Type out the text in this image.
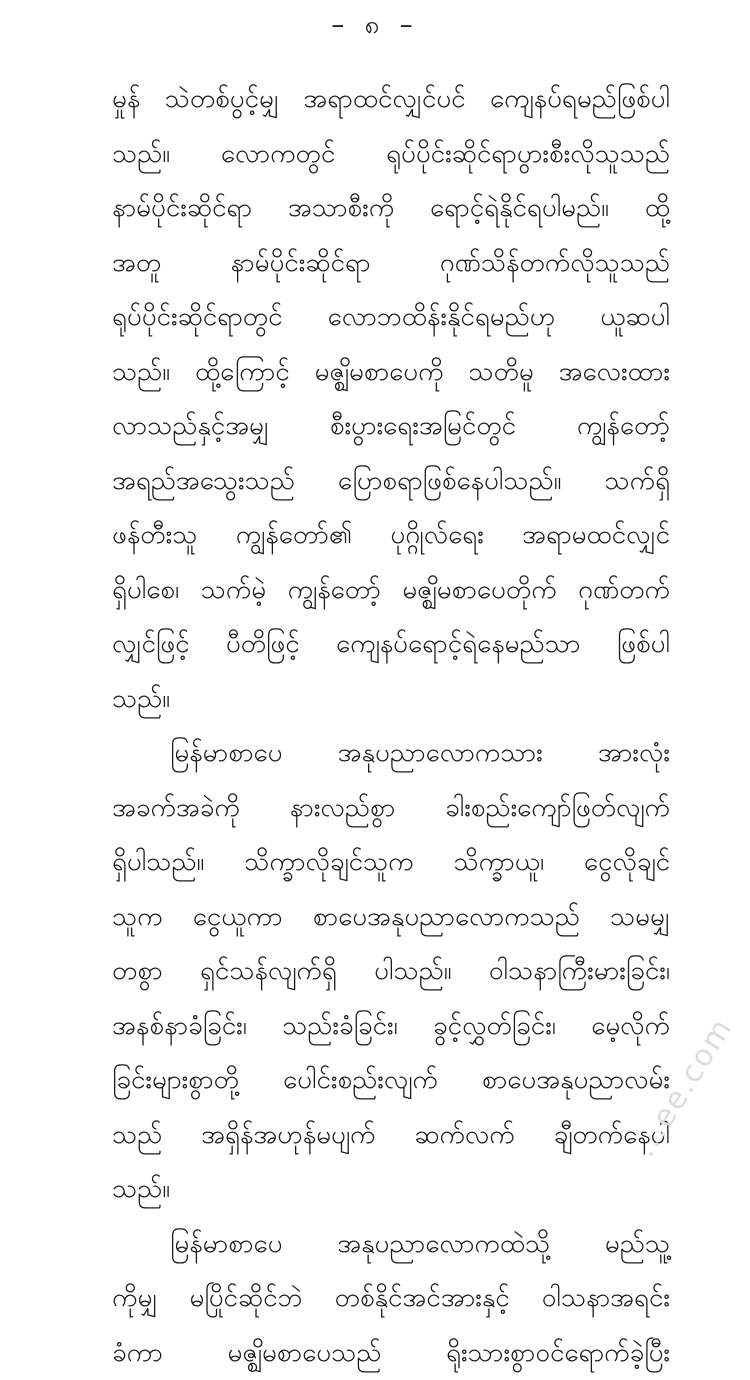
– ၈ –
မှုန် သဲတစ်ပွင့်မျှ အရာထင်လျှင်ပင် ကျေနပ်ရမည်ဖြစ်ပါ
သည်။ လောကတွင် ရုပ်ပိုင်းဆိုင်ရာပွားစီးလိုသူသည်
နာမ်ပိုင်းဆိုင်ရာ အသာစီးကို ရောင့်ရဲနိုင်ရပါမည်။ ထို့
အတူ နာမ်ပိုင်းဆိုင်ရာ ဂုဏ်သိန်တက်လိုသူသည်
ရုပ်ပိုင်းဆိုင်ရာတွင် လောဘထိန်းနိုင်ရမည်ဟု ယူဆပါ
သည်။ ထို့ကြောင့် မဇ္ဈိမစာပေကို သတိမူ အလေးထား
လာသည်နှင့်အမျှ စီးပွားရေးအမြင်တွင် ကျွန်တော့်
အရည်အသွေးသည် ပြောစရာဖြစ်နေပါသည်။ သက်ရှိ
ဖန်တီးသူ ကျွန်တော်၏ ပုဂ္ဂိုလ်ရေး အရာမထင်လျှင်
ရှိပါစေ၊ သက်မဲ့ ကျွန်တော့် မဇ္ဈိမစာပေတိုက် ဂုဏ်တက်
လျှင်ဖြင့် ပီတိဖြင့် ကျေနပ်ရောင့်ရဲနေမည်သာ ဖြစ်ပါ
သည်။
မြန်မာစာပေ အနုပညာလောကသား အားလုံး
အခက်အခဲကို နားလည်စွာ ခါးစည်းကျော်ဖြတ်လျက်
ရှိပါသည်။ သိက္ခာလိုချင်သူက သိက္ခာယူ၊ ငွေလိုချင်
သူက ငွေယူကာ စာပေအနုပညာလောကသည် သမမျှ
တစွာ ရှင်သန်လျက်ရှိ ပါသည်။ ဝါသနာကြီးမားခြင်း၊
အနစ်နာခံခြင်း၊ သည်းခံခြင်း၊ ခွင့်လွှတ်ခြင်း၊ မေ့လိုက်
ခြင်းများစွာတို့ ပေါင်းစည်းလျက် စာပေအနုပညာလမ်း
သည် အရှိန်အဟုန်မပျက် ဆက်လက် ချီတက်နေပါ
သည်။
မြန်မာစာပေ အနုပညာလောကထဲသို့ မည်သူ့
ကိုမျှ မပြိုင်ဆိုင်ဘဲ တစ်နိုင်အင်အားနှင့် ဝါသနာအရင်း
ခံကာ မဇ္ဈိမစာပေသည် ရိုးသားစွာဝင်ရောက်ခဲ့ပြီး
...ee.com
